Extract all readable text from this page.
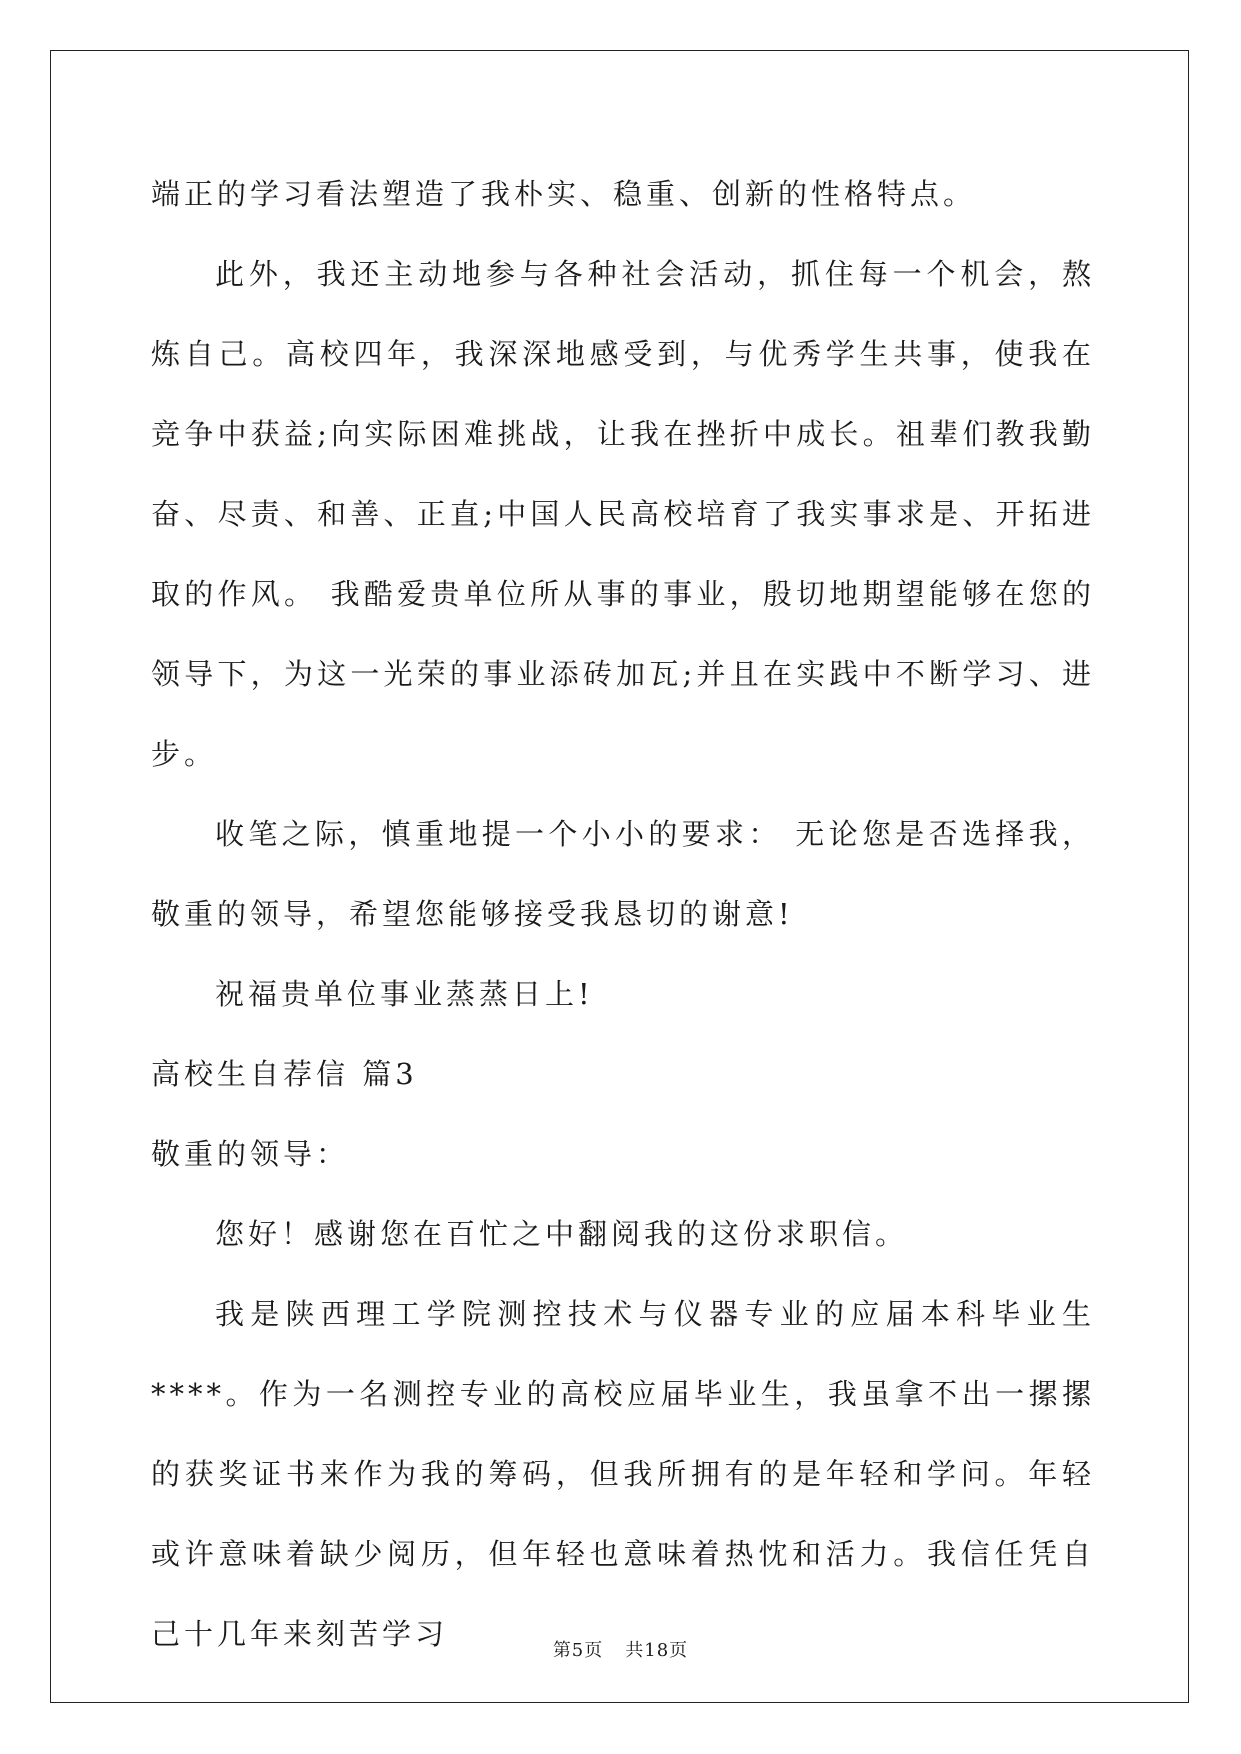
端正的学习看法塑造了我朴实、稳重、创新的性格特点。

此外，我还主动地参与各种社会活动，抓住每一个机会，熬炼自己。高校四年，我深深地感受到，与优秀学生共事，使我在竞争中获益;向实际困难挑战，让我在挫折中成长。祖辈们教我勤奋、尽责、和善、正直;中国人民高校培育了我实事求是、开拓进取的作风。 我酷爱贵单位所从事的事业，殷切地期望能够在您的领导下，为这一光荣的事业添砖加瓦;并且在实践中不断学习、进步。

收笔之际，慎重地提一个小小的要求： 无论您是否选择我，敬重的领导，希望您能够接受我恳切的谢意!

祝福贵单位事业蒸蒸日上!

高校生自荐信 篇3

敬重的领导：

您好！感谢您在百忙之中翻阅我的这份求职信。

我是陕西理工学院测控技术与仪器专业的应届本科毕业生****。作为一名测控专业的高校应届毕业生，我虽拿不出一摞摞的获奖证书来作为我的筹码，但我所拥有的是年轻和学问。年轻或许意味着缺少阅历，但年轻也意味着热忱和活力。我信任凭自己十几年来刻苦学习	第5页 共18页
